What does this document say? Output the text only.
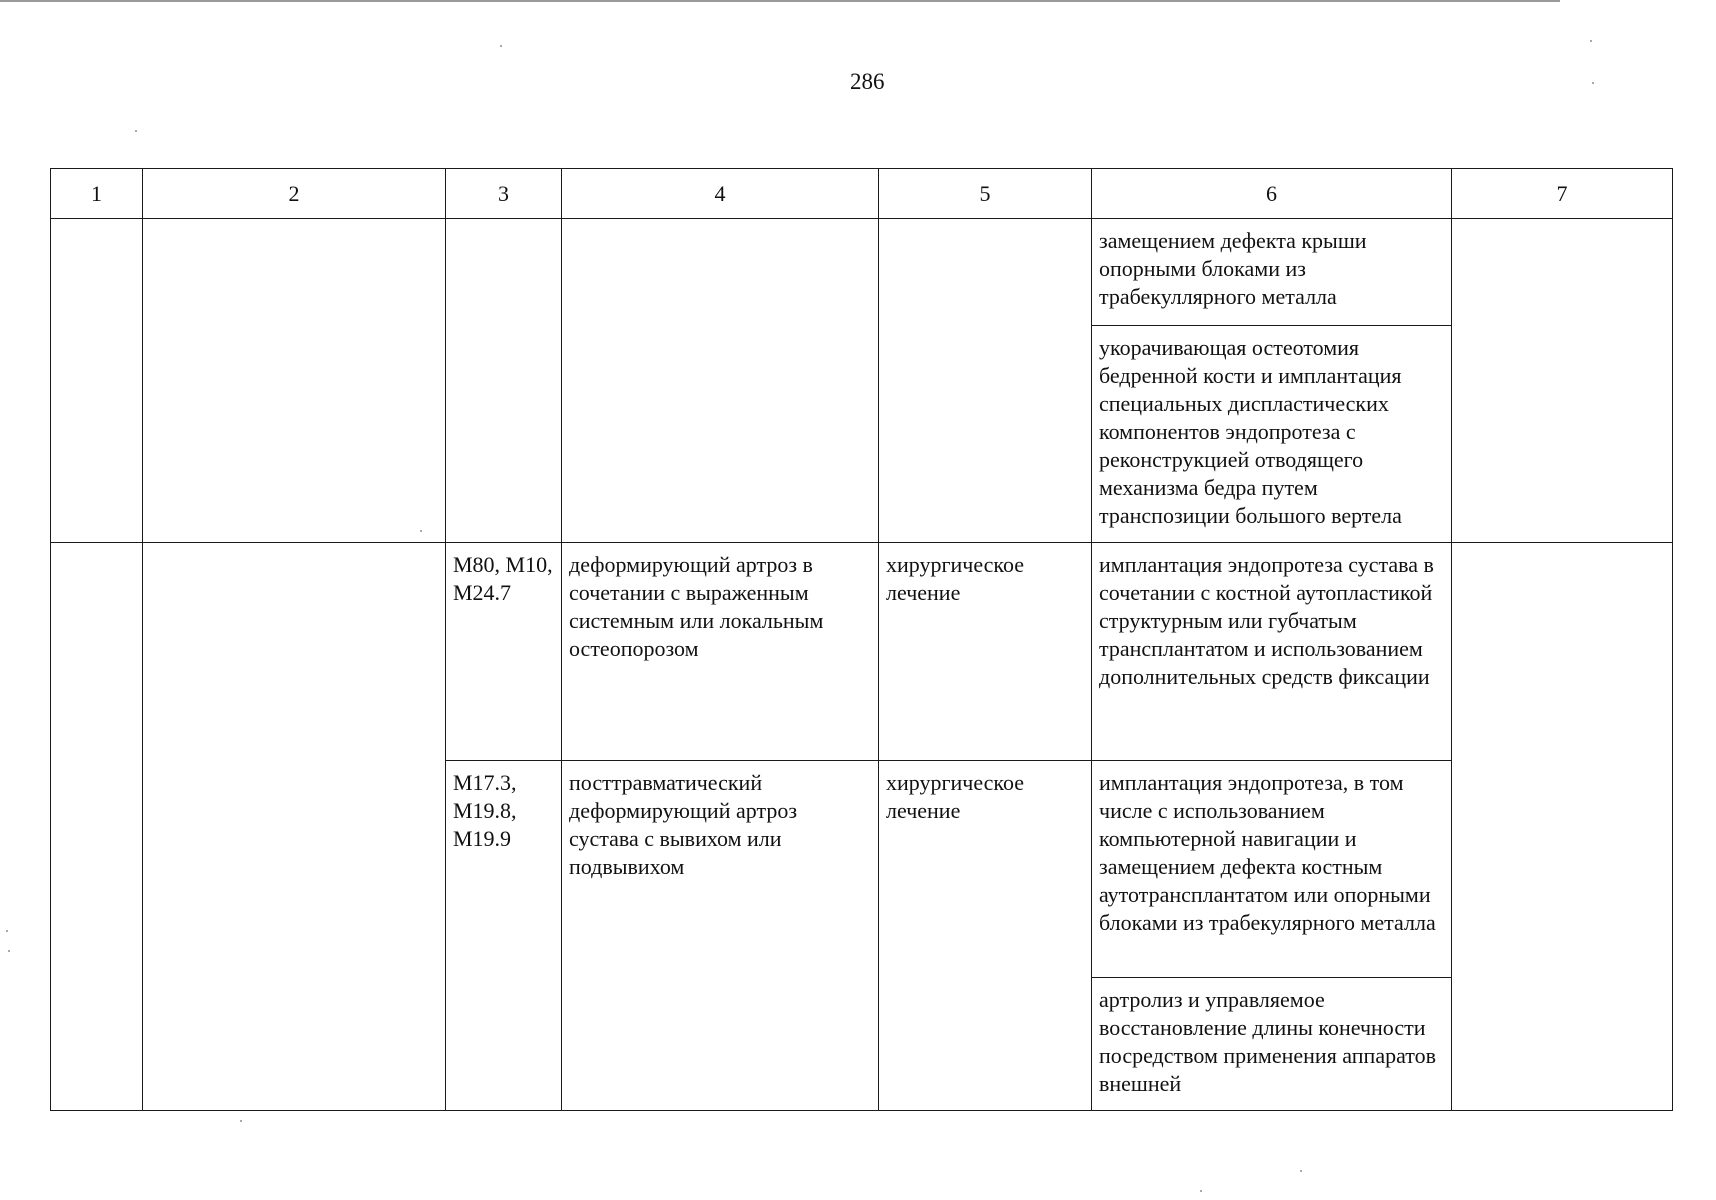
286
1	2	3	4	5	6	7
					замещением дефекта крыши опорными блоками из трабекуллярного металла	
					укорачивающая остеотомия бедренной кости и имплантация специальных диспластических компонентов эндопротеза с реконструкцией отводящего механизма бедра путем транспозиции большого вертела	
		M80, M10, M24.7	деформирующий артроз в сочетании с выраженным системным или локальным остеопорозом	хирургическое лечение	имплантация эндопротеза сустава в сочетании с костной аутопластикой структурным или губчатым трансплантатом и использованием дополнительных средств фиксации	
		M17.3, M19.8, M19.9	посттравматический деформирующий артроз сустава с вывихом или подвывихом	хирургическое лечение	имплантация эндопротеза, в том числе с использованием компьютерной навигации и замещением дефекта костным аутотрансплантатом или опорными блоками из трабекулярного металла	
					артролиз и управляемое восстановление длины конечности посредством применения аппаратов внешней	
